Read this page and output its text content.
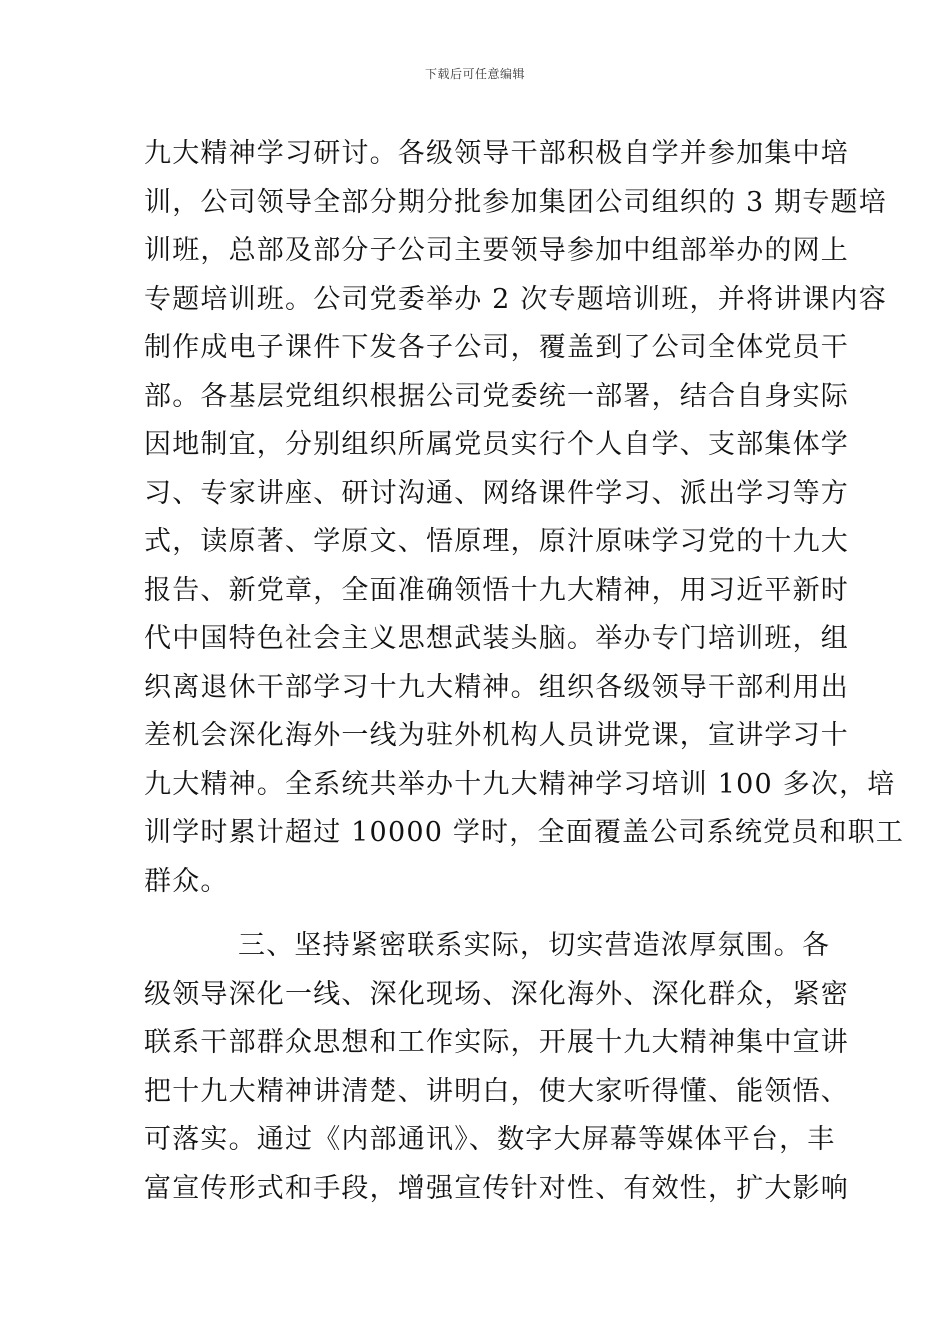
下载后可任意编辑
九大精神学习研讨。各级领导干部积极自学并参加集中培
训，公司领导全部分期分批参加集团公司组织的 3 期专题培
训班，总部及部分子公司主要领导参加中组部举办的网上
专题培训班。公司党委举办 2 次专题培训班，并将讲课内容
制作成电子课件下发各子公司，覆盖到了公司全体党员干
部。各基层党组织根据公司党委统一部署，结合自身实际
因地制宜，分别组织所属党员实行个人自学、支部集体学
习、专家讲座、研讨沟通、网络课件学习、派出学习等方
式，读原著、学原文、悟原理，原汁原味学习党的十九大
报告、新党章，全面准确领悟十九大精神，用习近平新时
代中国特色社会主义思想武装头脑。举办专门培训班，组
织离退休干部学习十九大精神。组织各级领导干部利用出
差机会深化海外一线为驻外机构人员讲党课，宣讲学习十
九大精神。全系统共举办十九大精神学习培训 100 多次，培
训学时累计超过 10000 学时，全面覆盖公司系统党员和职工
群众。
三、坚持紧密联系实际，切实营造浓厚氛围。各
级领导深化一线、深化现场、深化海外、深化群众，紧密
联系干部群众思想和工作实际，开展十九大精神集中宣讲
把十九大精神讲清楚、讲明白，使大家听得懂、能领悟、
可落实。通过《内部通讯》、数字大屏幕等媒体平台，丰
富宣传形式和手段，增强宣传针对性、有效性，扩大影响
